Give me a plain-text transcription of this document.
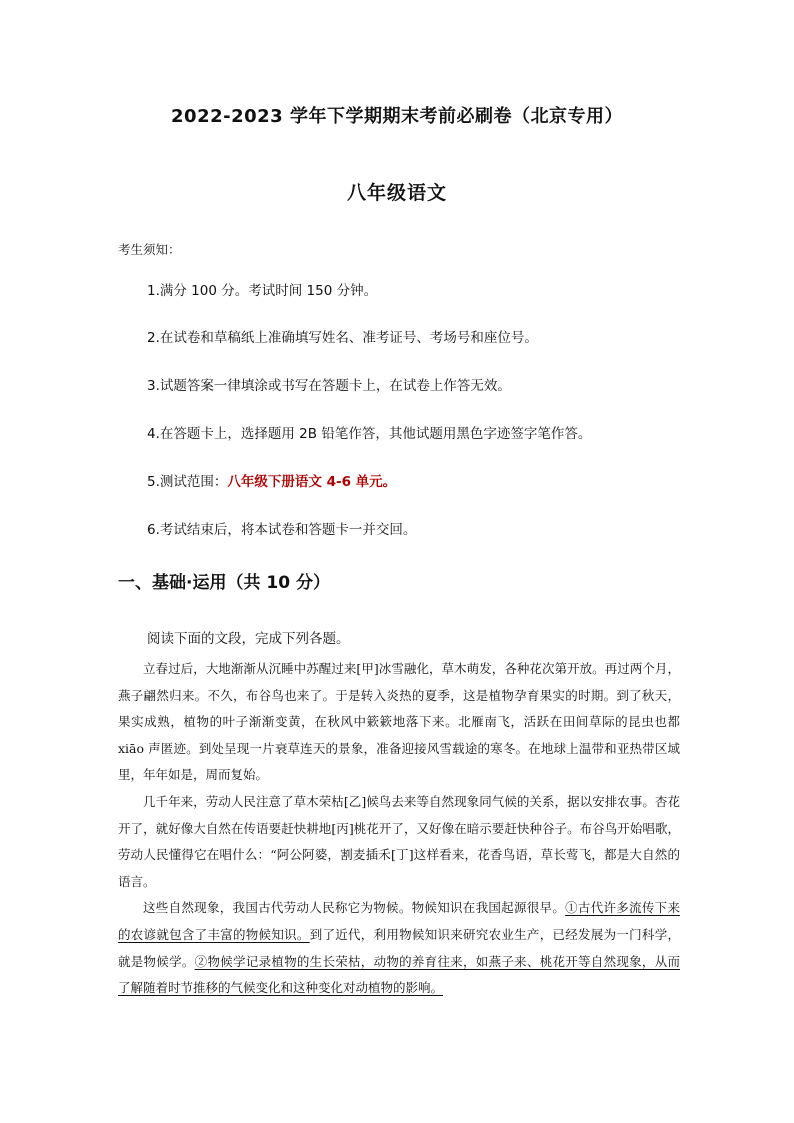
2022-2023 学年下学期期末考前必刷卷（北京专用）
八年级语文
考生须知：
1.满分 100 分。考试时间 150 分钟。
2.在试卷和草稿纸上准确填写姓名、准考证号、考场号和座位号。
3.试题答案一律填涂或书写在答题卡上，在试卷上作答无效。
4.在答题卡上，选择题用 2B 铅笔作答，其他试题用黑色字迹签字笔作答。
5.测试范围：八年级下册语文 4-6 单元。
6.考试结束后，将本试卷和答题卡一并交回。
一、基础·运用（共 10 分）
阅读下面的文段，完成下列各题。

立春过后，大地渐渐从沉睡中苏醒过来[甲]冰雪融化，草木萌发，各种花次第开放。再过两个月，燕子翩然归来。不久，布谷鸟也来了。于是转入炎热的夏季，这是植物孕育果实的时期。到了秋天，果实成熟，植物的叶子渐渐变黄，在秋风中簌簌地落下来。北雁南飞，活跃在田间草际的昆虫也都 xiāo 声匿迹。到处呈现一片衰草连天的景象，准备迎接风雪载途的寒冬。在地球上温带和亚热带区域里，年年如是，周而复始。

几千年来，劳动人民注意了草木荣枯[乙]候鸟去来等自然现象同气候的关系，据以安排农事。杏花开了，就好像大自然在传语要赶快耕地[丙]桃花开了，又好像在暗示要赶快种谷子。布谷鸟开始唱歌，劳动人民懂得它在唱什么：“阿公阿婆，割麦插禾[丁]这样看来，花香鸟语，草长莺飞，都是大自然的语言。

这些自然现象，我国古代劳动人民称它为物候。物候知识在我国起源很早。①古代许多流传下来的农谚就包含了丰富的物候知识。到了近代，利用物候知识来研究农业生产，已经发展为一门科学，就是物候学。②物候学记录植物的生长荣枯，动物的养育往来，如燕子来、桃花开等自然现象，从而了解随着时节推移的气候变化和这种变化对动植物的影响。
